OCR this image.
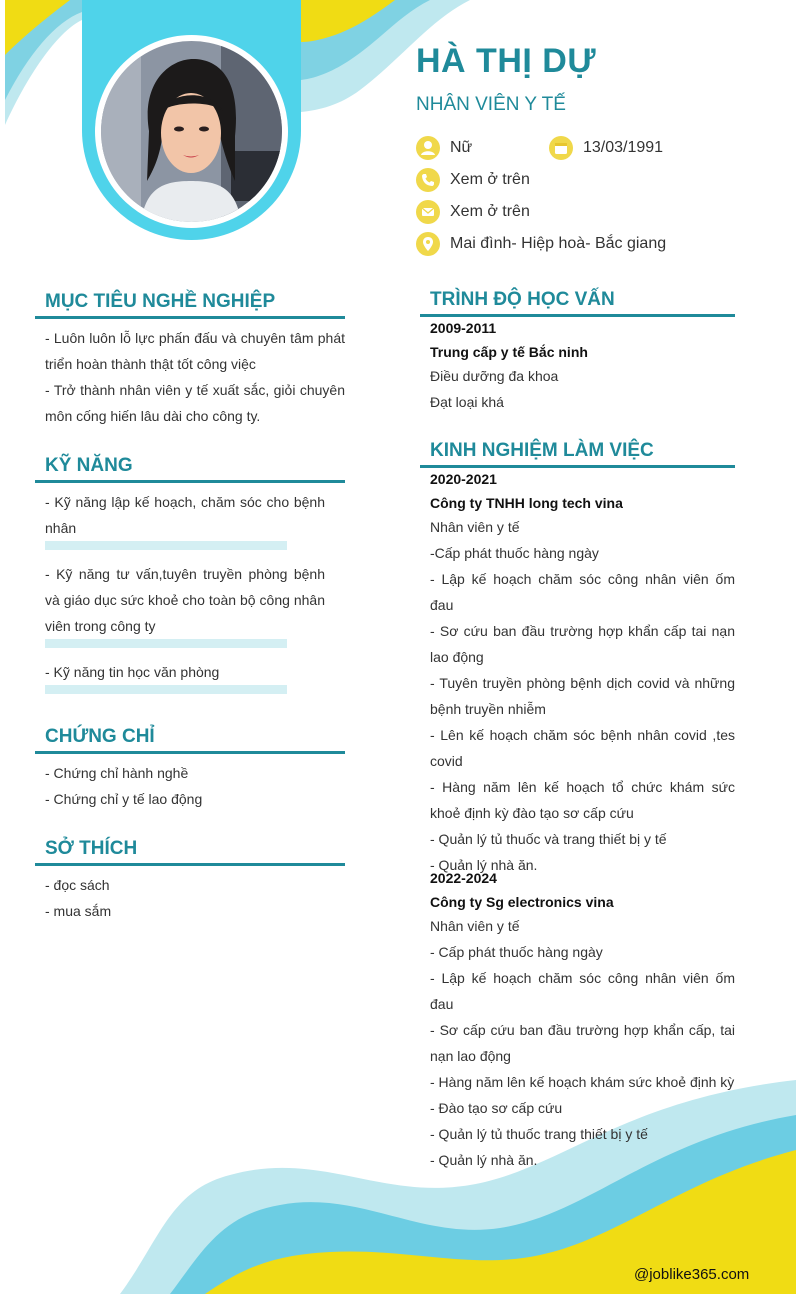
HÀ THỊ DỰ
NHÂN VIÊN Y TẾ
Nữ	13/03/1991
Xem ở trên
Xem ở trên
Mai đình- Hiệp hoà- Bắc giang
MỤC TIÊU NGHỀ NGHIỆP

- Luôn luôn lỗ lực phấn đấu và chuyên tâm phát triển hoàn thành thật tốt công việc

- Trở thành nhân viên y tế xuất sắc, giỏi chuyên môn cống hiến lâu dài cho công ty.

KỸ NĂNG
- Kỹ năng lập kế hoạch, chăm sóc cho bệnh nhân
- Kỹ năng tư vấn,tuyên truyền phòng bệnh và giáo dục sức khoẻ cho toàn bộ công nhân viên trong công ty
- Kỹ năng tin học văn phòng
CHỨNG CHỈ

- Chứng chỉ hành nghề

- Chứng chỉ y tế lao động

SỞ THÍCH

- đọc sách

- mua sắm

TRÌNH ĐỘ HỌC VẤN

2009-2011

Trung cấp y tế Bắc ninh

Điều dưỡng đa khoa

Đạt loại khá

KINH NGHIỆM LÀM VIỆC

2020-2021

Công ty TNHH long tech vina

Nhân viên y tế

-Cấp phát thuốc hàng ngày

- Lập kế hoạch chăm sóc công nhân viên ốm đau

- Sơ cứu ban đầu trường hợp khẩn cấp tai nạn lao động

- Tuyên truyền phòng bệnh dịch covid và những bệnh truyền nhiễm

- Lên kế hoạch chăm sóc bệnh nhân covid ,tes covid

- Hàng năm lên kế hoạch tổ chức khám sức khoẻ định kỳ đào tạo sơ cấp cứu

- Quản lý tủ thuốc và trang thiết bị y tế

- Quản lý nhà ăn.

2022-2024

Công ty Sg electronics vina

Nhân viên y tế

- Cấp phát thuốc hàng ngày

- Lập kế hoạch chăm sóc công nhân viên ốm đau

- Sơ cấp cứu ban đầu trường hợp khẩn cấp, tai nạn lao động

- Hàng năm lên kế hoạch khám sức khoẻ định kỳ

- Đào tạo sơ cấp cứu

- Quản lý tủ thuốc trang thiết bị y tế

- Quản lý nhà ăn.

@joblike365.com
